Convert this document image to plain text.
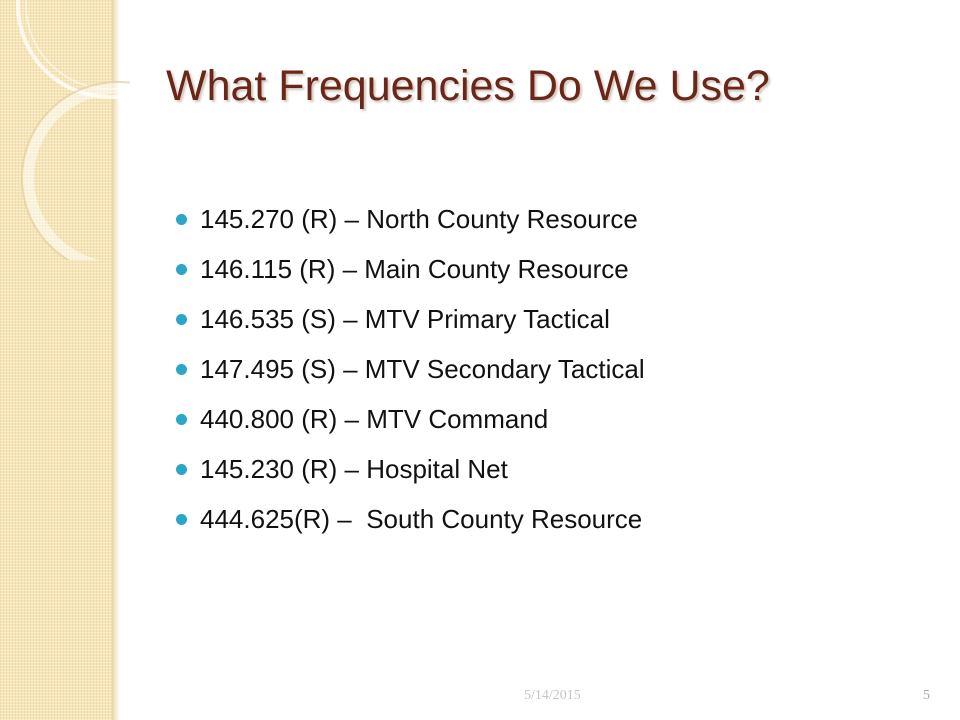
What Frequencies Do We Use?
145.270 (R) – North County Resource
146.115 (R) – Main County Resource
146.535 (S) – MTV Primary Tactical
147.495 (S) – MTV Secondary Tactical
440.800 (R) – MTV Command
145.230 (R) – Hospital Net
444.625(R) –  South County Resource
5/14/2015	5
